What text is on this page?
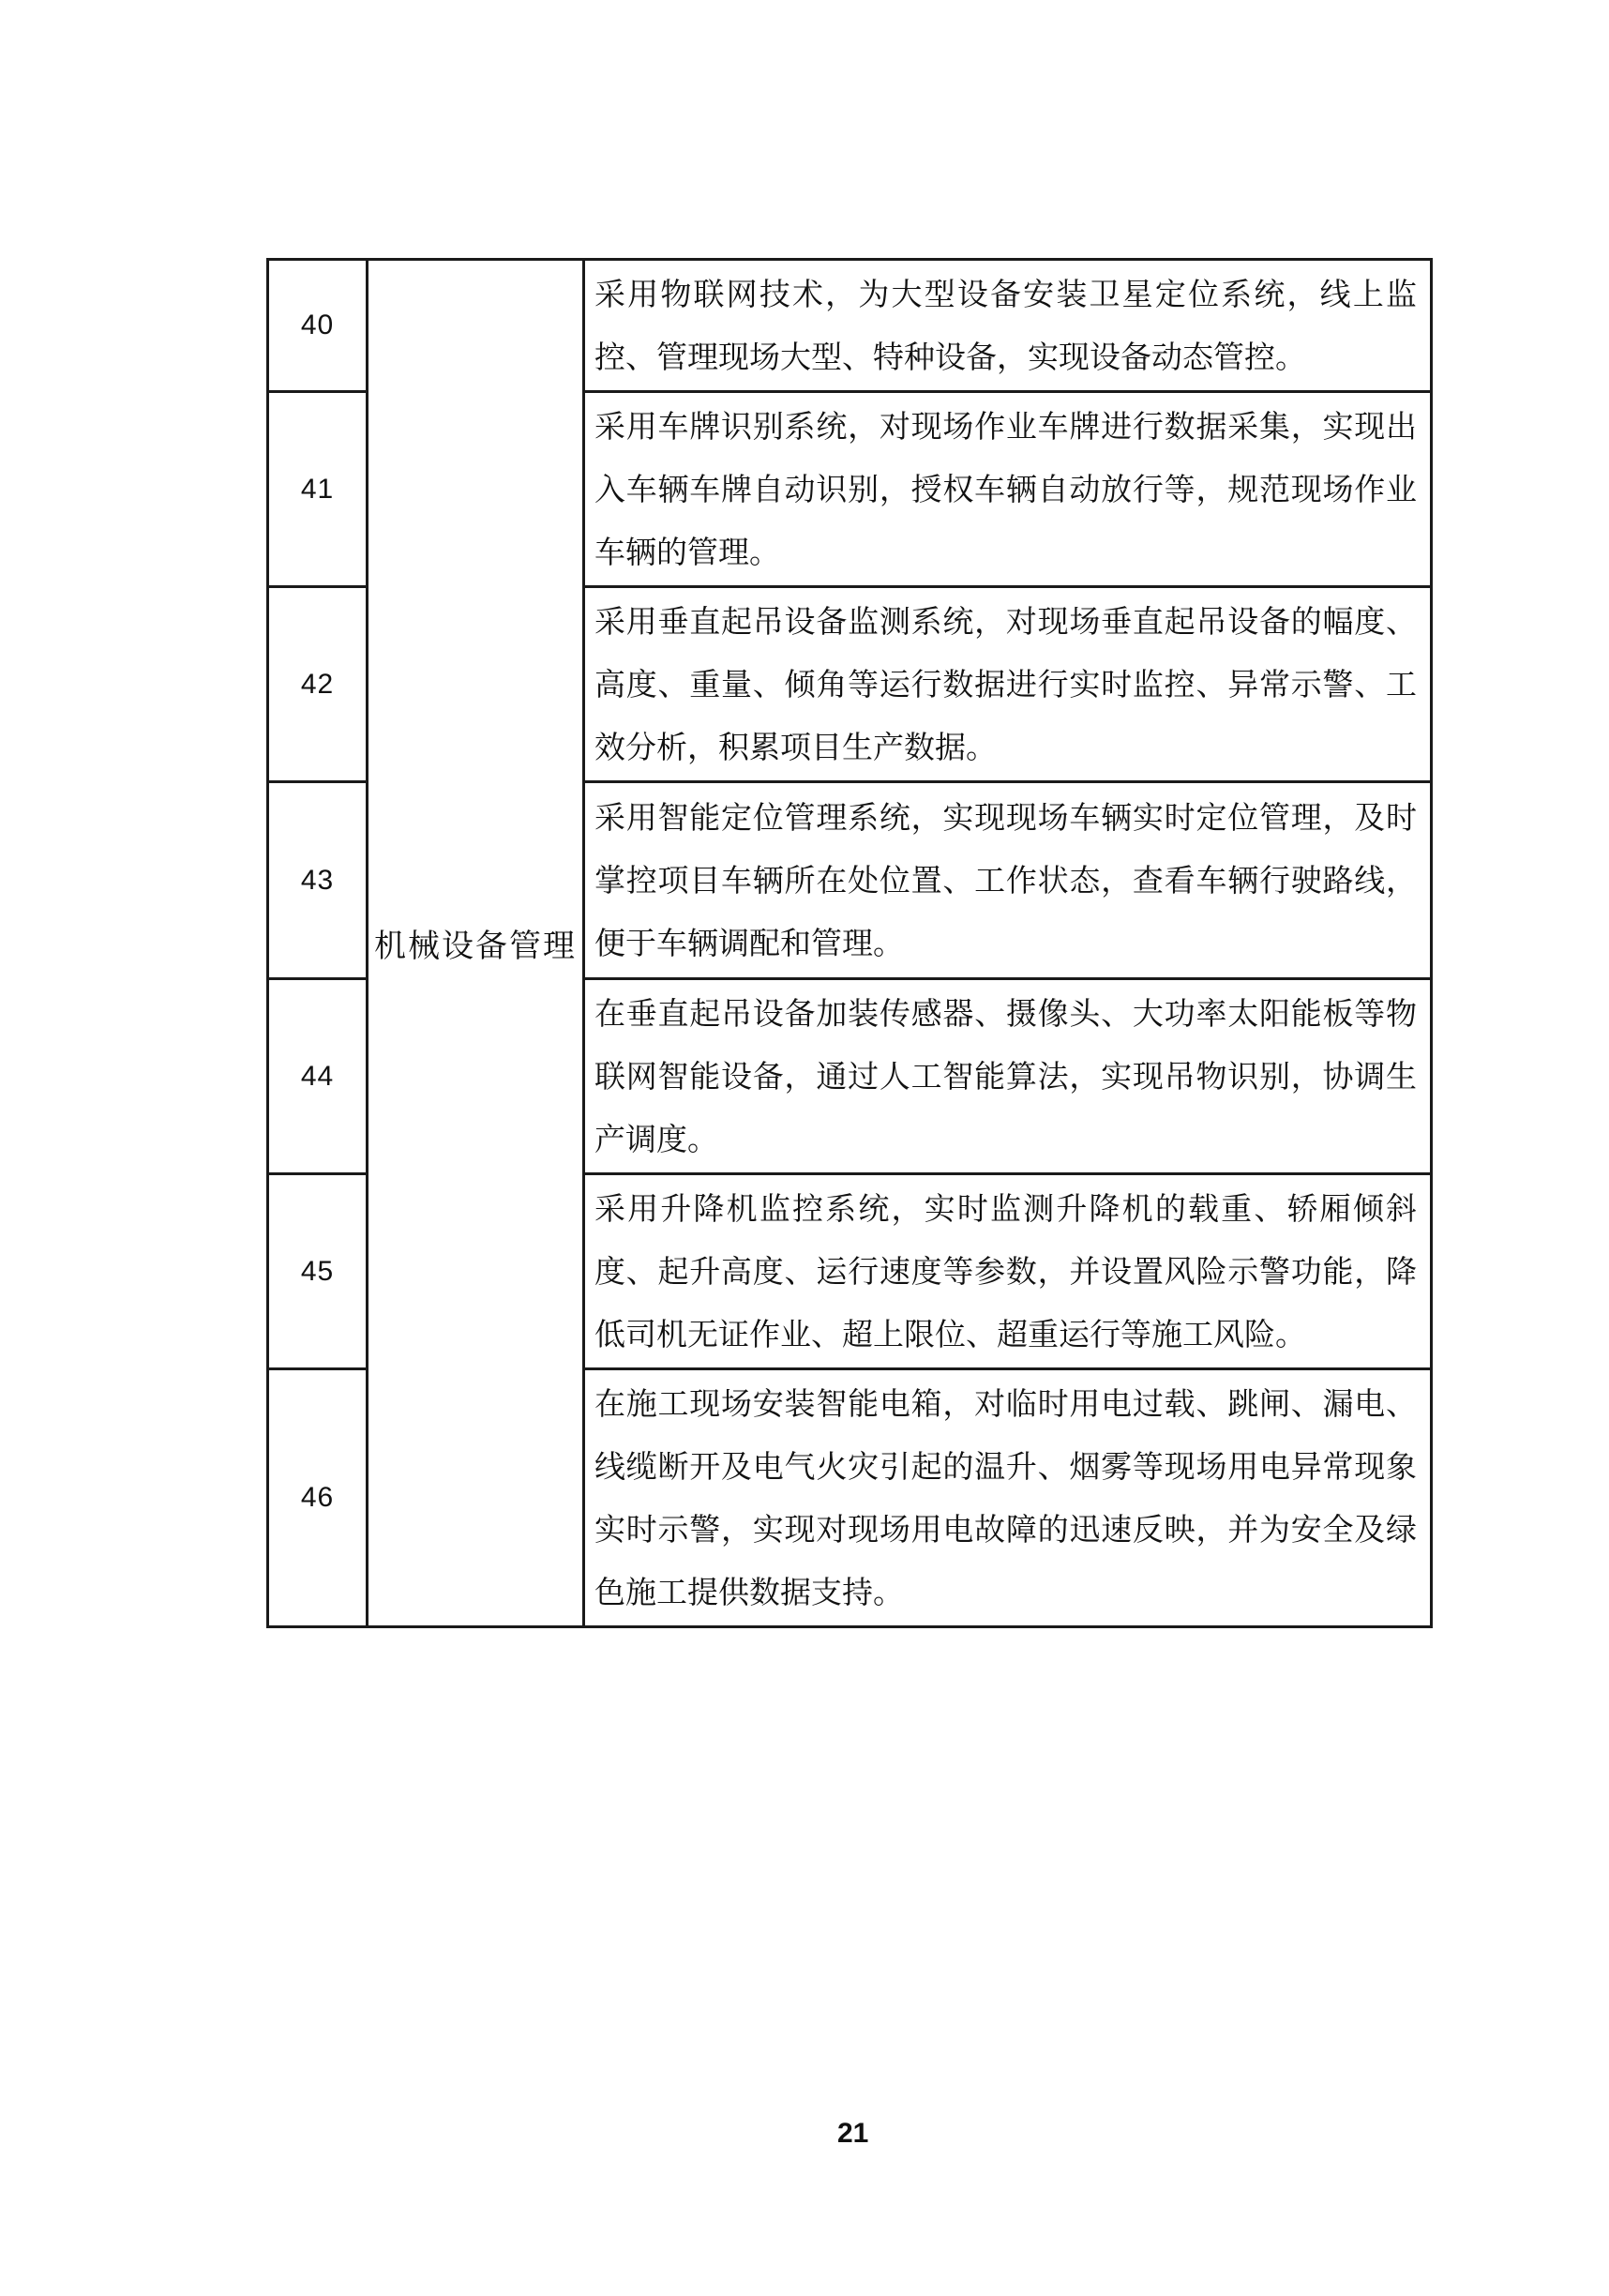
40	机械设备管理	采用物联网技术，为大型设备安装卫星定位系统，线上监控、管理现场大型、特种设备，实现设备动态管控。
41		采用车牌识别系统，对现场作业车牌进行数据采集，实现出入车辆车牌自动识别，授权车辆自动放行等，规范现场作业车辆的管理。
42		采用垂直起吊设备监测系统，对现场垂直起吊设备的幅度、高度、重量、倾角等运行数据进行实时监控、异常示警、工效分析，积累项目生产数据。
43		采用智能定位管理系统，实现现场车辆实时定位管理，及时掌控项目车辆所在处位置、工作状态，查看车辆行驶路线，便于车辆调配和管理。
44		在垂直起吊设备加装传感器、摄像头、大功率太阳能板等物联网智能设备，通过人工智能算法，实现吊物识别，协调生产调度。
45		采用升降机监控系统，实时监测升降机的载重、轿厢倾斜度、起升高度、运行速度等参数，并设置风险示警功能，降低司机无证作业、超上限位、超重运行等施工风险。
46		在施工现场安装智能电箱，对临时用电过载、跳闸、漏电、线缆断开及电气火灾引起的温升、烟雾等现场用电异常现象实时示警，实现对现场用电故障的迅速反映，并为安全及绿色施工提供数据支持。
21
